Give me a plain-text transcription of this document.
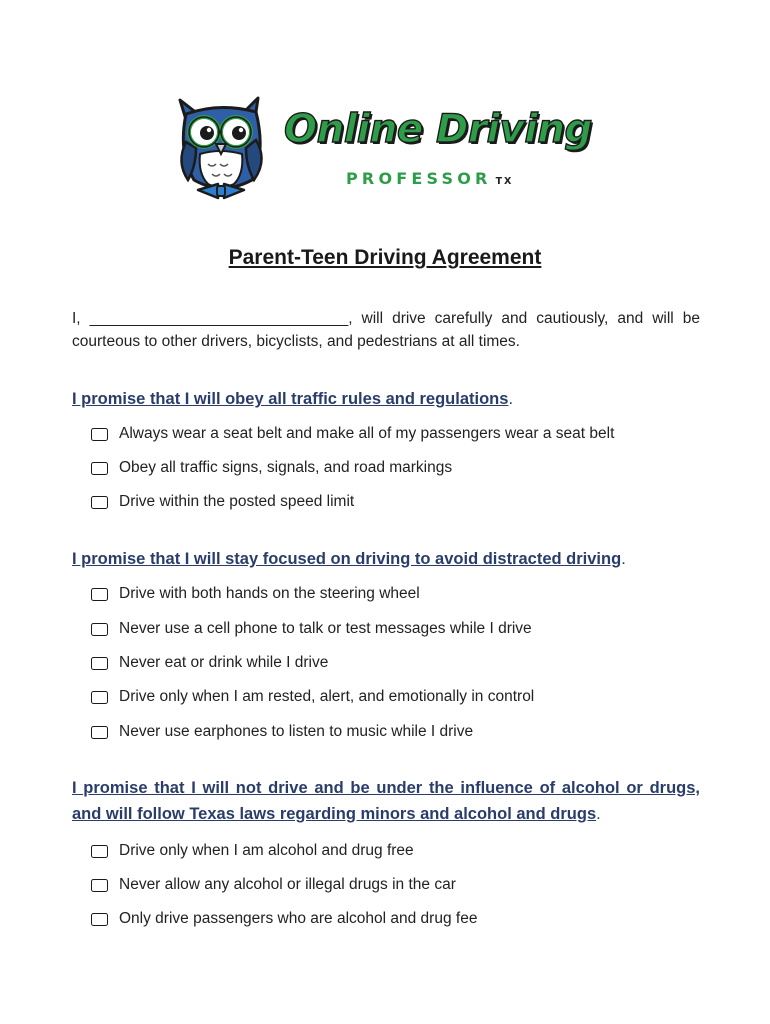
Online Driving
PROFESSOR TX
Parent-Teen Driving Agreement

I, ______________________________, will drive carefully and cautiously, and will be courteous to other drivers, bicyclists, and pedestrians at all times.

I promise that I will obey all traffic rules and regulations.
Always wear a seat belt and make all of my passengers wear a seat belt
Obey all traffic signs, signals, and road markings
Drive within the posted speed limit
I promise that I will stay focused on driving to avoid distracted driving.
Drive with both hands on the steering wheel
Never use a cell phone to talk or test messages while I drive
Never eat or drink while I drive
Drive only when I am rested, alert, and emotionally in control
Never use earphones to listen to music while I drive
I promise that I will not drive and be under the influence of alcohol or drugs, and will follow Texas laws regarding minors and alcohol and drugs.
Drive only when I am alcohol and drug free
Never allow any alcohol or illegal drugs in the car
Only drive passengers who are alcohol and drug fee
